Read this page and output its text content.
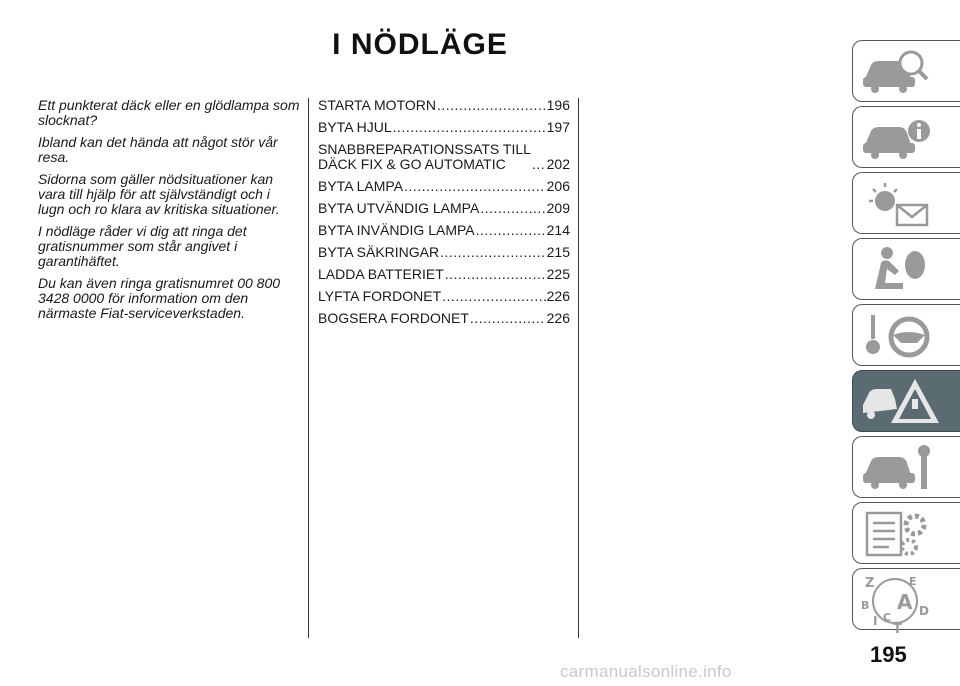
I NÖDLÄGE

Ett punkterat däck eller en glödlampa som slocknat?

Ibland kan det hända att något stör vår resa.

Sidorna som gäller nödsituationer kan vara till hjälp för att självständigt och i lugn och ro klara av kritiska situationer.

I nödläge råder vi dig att ringa det gratisnummer som står angivet i garantihäftet.

Du kan även ringa gratisnumret 00 800 3428 0000 för information om den närmaste Fiat-serviceverkstaden.

STARTA MOTORN .....	196
BYTA HJUL .....	197
SNABBREPARATIONSSATS TILL
DÄCK FIX & GO AUTOMATIC .....	202
BYTA LAMPA .....	206
BYTA UTVÄNDIG LAMPA .....	209
BYTA INVÄNDIG LAMPA .....	214
BYTA SÄKRINGAR .....	215
LADDA BATTERIET .....	225
LYFTA FORDONET .....	226
BOGSERA FORDONET .....	226
Z	E
B A D
I C
T
195
carmanualsonline.info
